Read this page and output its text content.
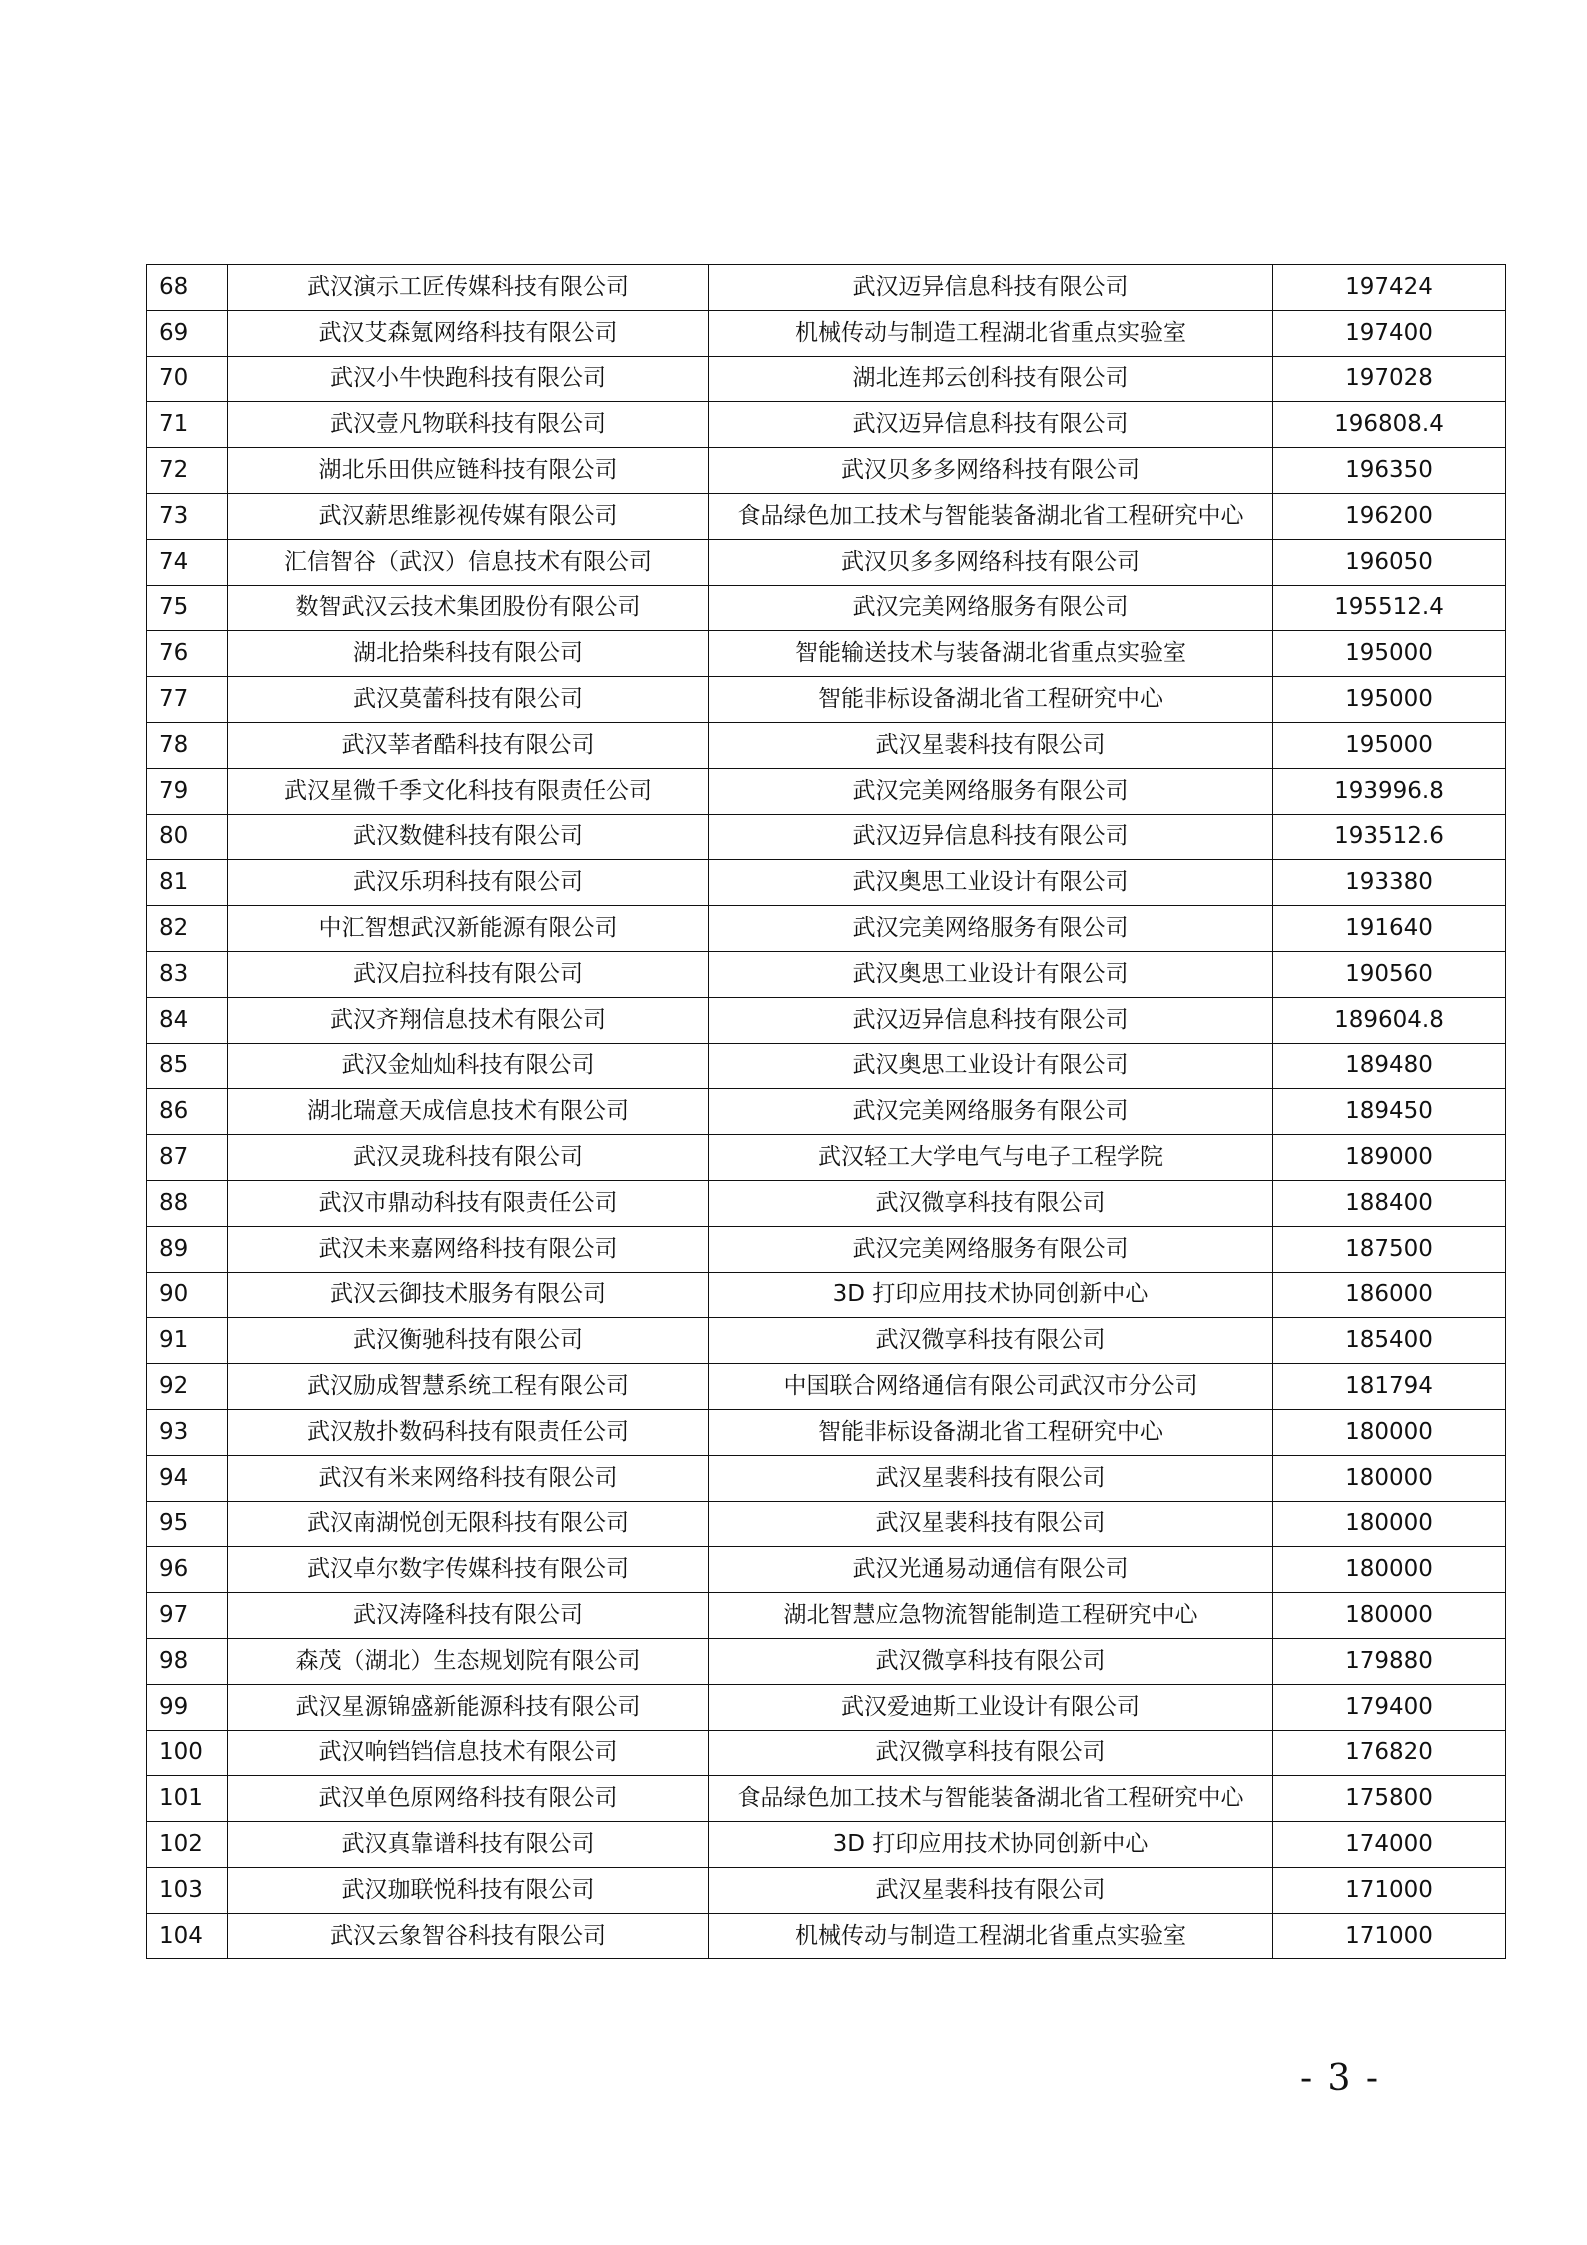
68	武汉演示工匠传媒科技有限公司	武汉迈异信息科技有限公司	197424
69	武汉艾森氪网络科技有限公司	机械传动与制造工程湖北省重点实验室	197400
70	武汉小牛快跑科技有限公司	湖北连邦云创科技有限公司	197028
71	武汉壹凡物联科技有限公司	武汉迈异信息科技有限公司	196808.4
72	湖北乐田供应链科技有限公司	武汉贝多多网络科技有限公司	196350
73	武汉薪思维影视传媒有限公司	食品绿色加工技术与智能装备湖北省工程研究中心	196200
74	汇信智谷（武汉）信息技术有限公司	武汉贝多多网络科技有限公司	196050
75	数智武汉云技术集团股份有限公司	武汉完美网络服务有限公司	195512.4
76	湖北拾柴科技有限公司	智能输送技术与装备湖北省重点实验室	195000
77	武汉莫蕾科技有限公司	智能非标设备湖北省工程研究中心	195000
78	武汉莘者酷科技有限公司	武汉星裴科技有限公司	195000
79	武汉星微千季文化科技有限责任公司	武汉完美网络服务有限公司	193996.8
80	武汉数健科技有限公司	武汉迈异信息科技有限公司	193512.6
81	武汉乐玥科技有限公司	武汉奥思工业设计有限公司	193380
82	中汇智想武汉新能源有限公司	武汉完美网络服务有限公司	191640
83	武汉启拉科技有限公司	武汉奥思工业设计有限公司	190560
84	武汉齐翔信息技术有限公司	武汉迈异信息科技有限公司	189604.8
85	武汉金灿灿科技有限公司	武汉奥思工业设计有限公司	189480
86	湖北瑞意天成信息技术有限公司	武汉完美网络服务有限公司	189450
87	武汉灵珑科技有限公司	武汉轻工大学电气与电子工程学院	189000
88	武汉市鼎动科技有限责任公司	武汉微享科技有限公司	188400
89	武汉未来嘉网络科技有限公司	武汉完美网络服务有限公司	187500
90	武汉云御技术服务有限公司	3D 打印应用技术协同创新中心	186000
91	武汉衡驰科技有限公司	武汉微享科技有限公司	185400
92	武汉励成智慧系统工程有限公司	中国联合网络通信有限公司武汉市分公司	181794
93	武汉敖扑数码科技有限责任公司	智能非标设备湖北省工程研究中心	180000
94	武汉有米来网络科技有限公司	武汉星裴科技有限公司	180000
95	武汉南湖悦创无限科技有限公司	武汉星裴科技有限公司	180000
96	武汉卓尔数字传媒科技有限公司	武汉光通易动通信有限公司	180000
97	武汉涛隆科技有限公司	湖北智慧应急物流智能制造工程研究中心	180000
98	森茂（湖北）生态规划院有限公司	武汉微享科技有限公司	179880
99	武汉星源锦盛新能源科技有限公司	武汉爱迪斯工业设计有限公司	179400
100	武汉响铛铛信息技术有限公司	武汉微享科技有限公司	176820
101	武汉单色原网络科技有限公司	食品绿色加工技术与智能装备湖北省工程研究中心	175800
102	武汉真靠谱科技有限公司	3D 打印应用技术协同创新中心	174000
103	武汉珈联悦科技有限公司	武汉星裴科技有限公司	171000
104	武汉云象智谷科技有限公司	机械传动与制造工程湖北省重点实验室	171000
- 3 -
